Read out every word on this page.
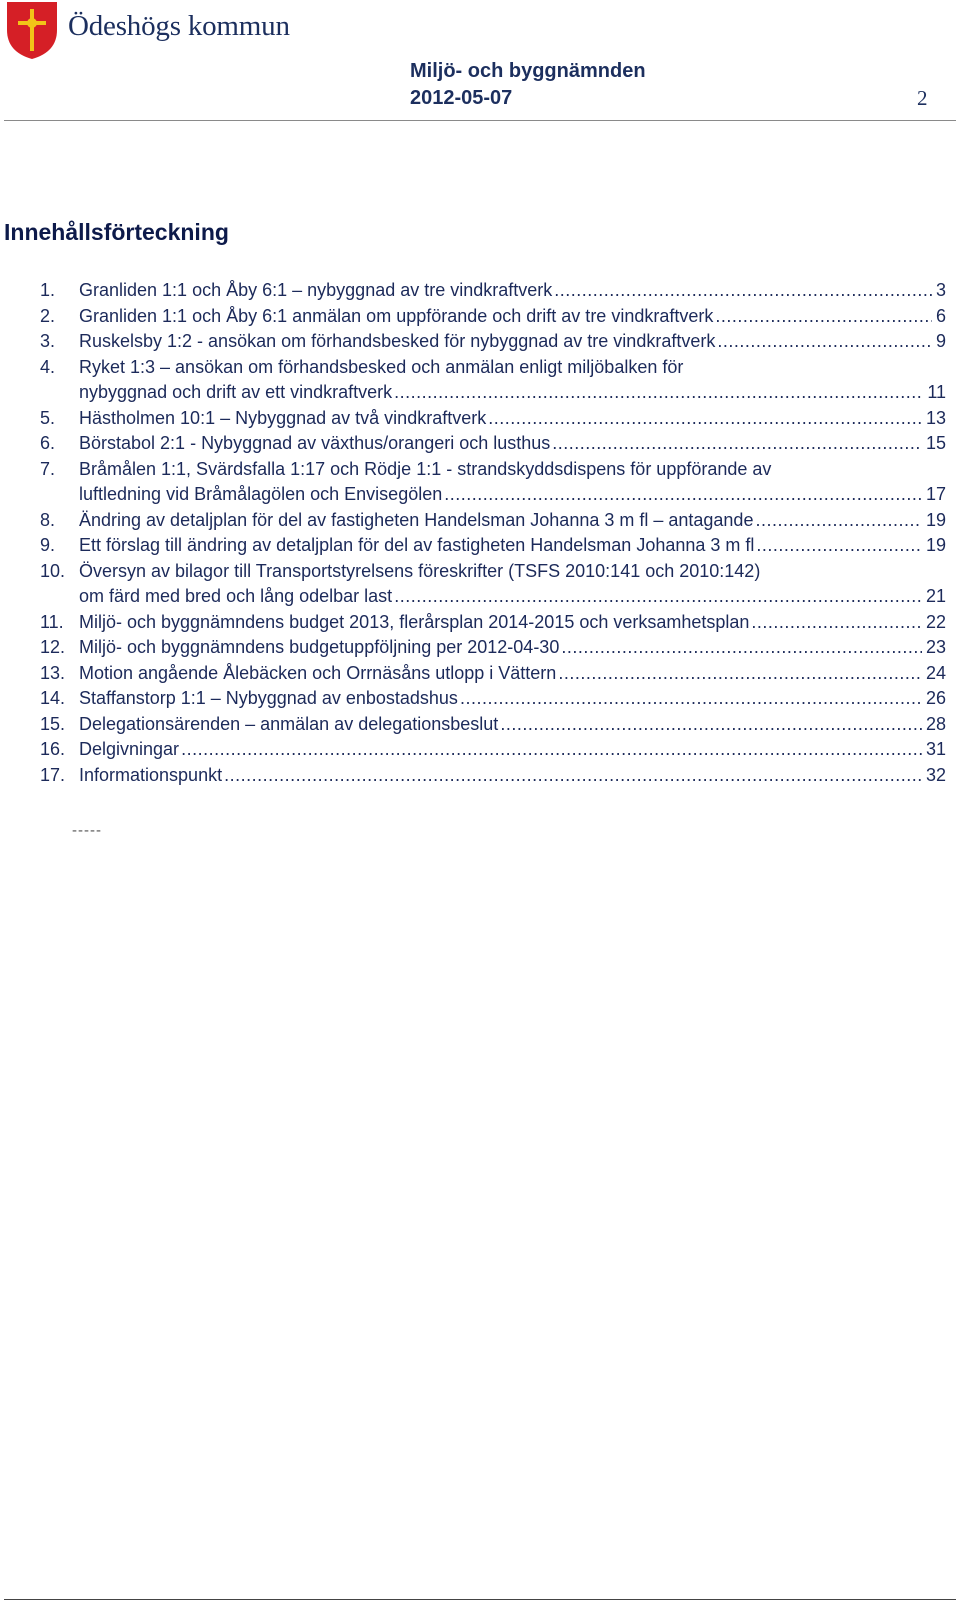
Ödeshögs kommun
Miljö- och byggnämnden
2012-05-07	2
Innehållsförteckning
1.	Granliden 1:1 och Åby 6:1 – nybyggnad av tre vindkraftverk .....	3
2.	Granliden 1:1 och Åby 6:1 anmälan om uppförande och drift av tre vindkraftverk .....	6
3.	Ruskelsby 1:2 - ansökan om förhandsbesked för nybyggnad av tre vindkraftverk .....	9
4.	Ryket 1:3 – ansökan om förhandsbesked och anmälan enligt miljöbalken för
nybyggnad och drift av ett vindkraftverk .....	11
5.	Hästholmen 10:1 – Nybyggnad av två vindkraftverk .....	13
6.	Börstabol 2:1 - Nybyggnad av växthus/orangeri och lusthus .....	15
7.	Bråmålen 1:1, Svärdsfalla 1:17 och Rödje 1:1 - strandskyddsdispens för uppförande av
luftledning vid Bråmålagölen och Envisegölen .....	17
8.	Ändring av detaljplan för del av fastigheten Handelsman Johanna 3 m fl – antagande .....	19
9.	Ett förslag till ändring av detaljplan för del av fastigheten Handelsman Johanna 3 m fl .....	19
10. Översyn av bilagor till Transportstyrelsens föreskrifter (TSFS 2010:141 och 2010:142)
om färd med bred och lång odelbar last .....	21
11. Miljö- och byggnämndens budget 2013, flerårsplan 2014-2015 och verksamhetsplan .....	22
12. Miljö- och byggnämndens budgetuppföljning per 2012-04-30 .....	23
13. Motion angående Ålebäcken och Orrnäsåns utlopp i Vättern .....	24
14. Staffanstorp 1:1 – Nybyggnad av enbostadshus .....	26
15. Delegationsärenden – anmälan av delegationsbeslut .....	28
16. Delgivningar .....	31
17. Informationspunkt .....	32
-----
